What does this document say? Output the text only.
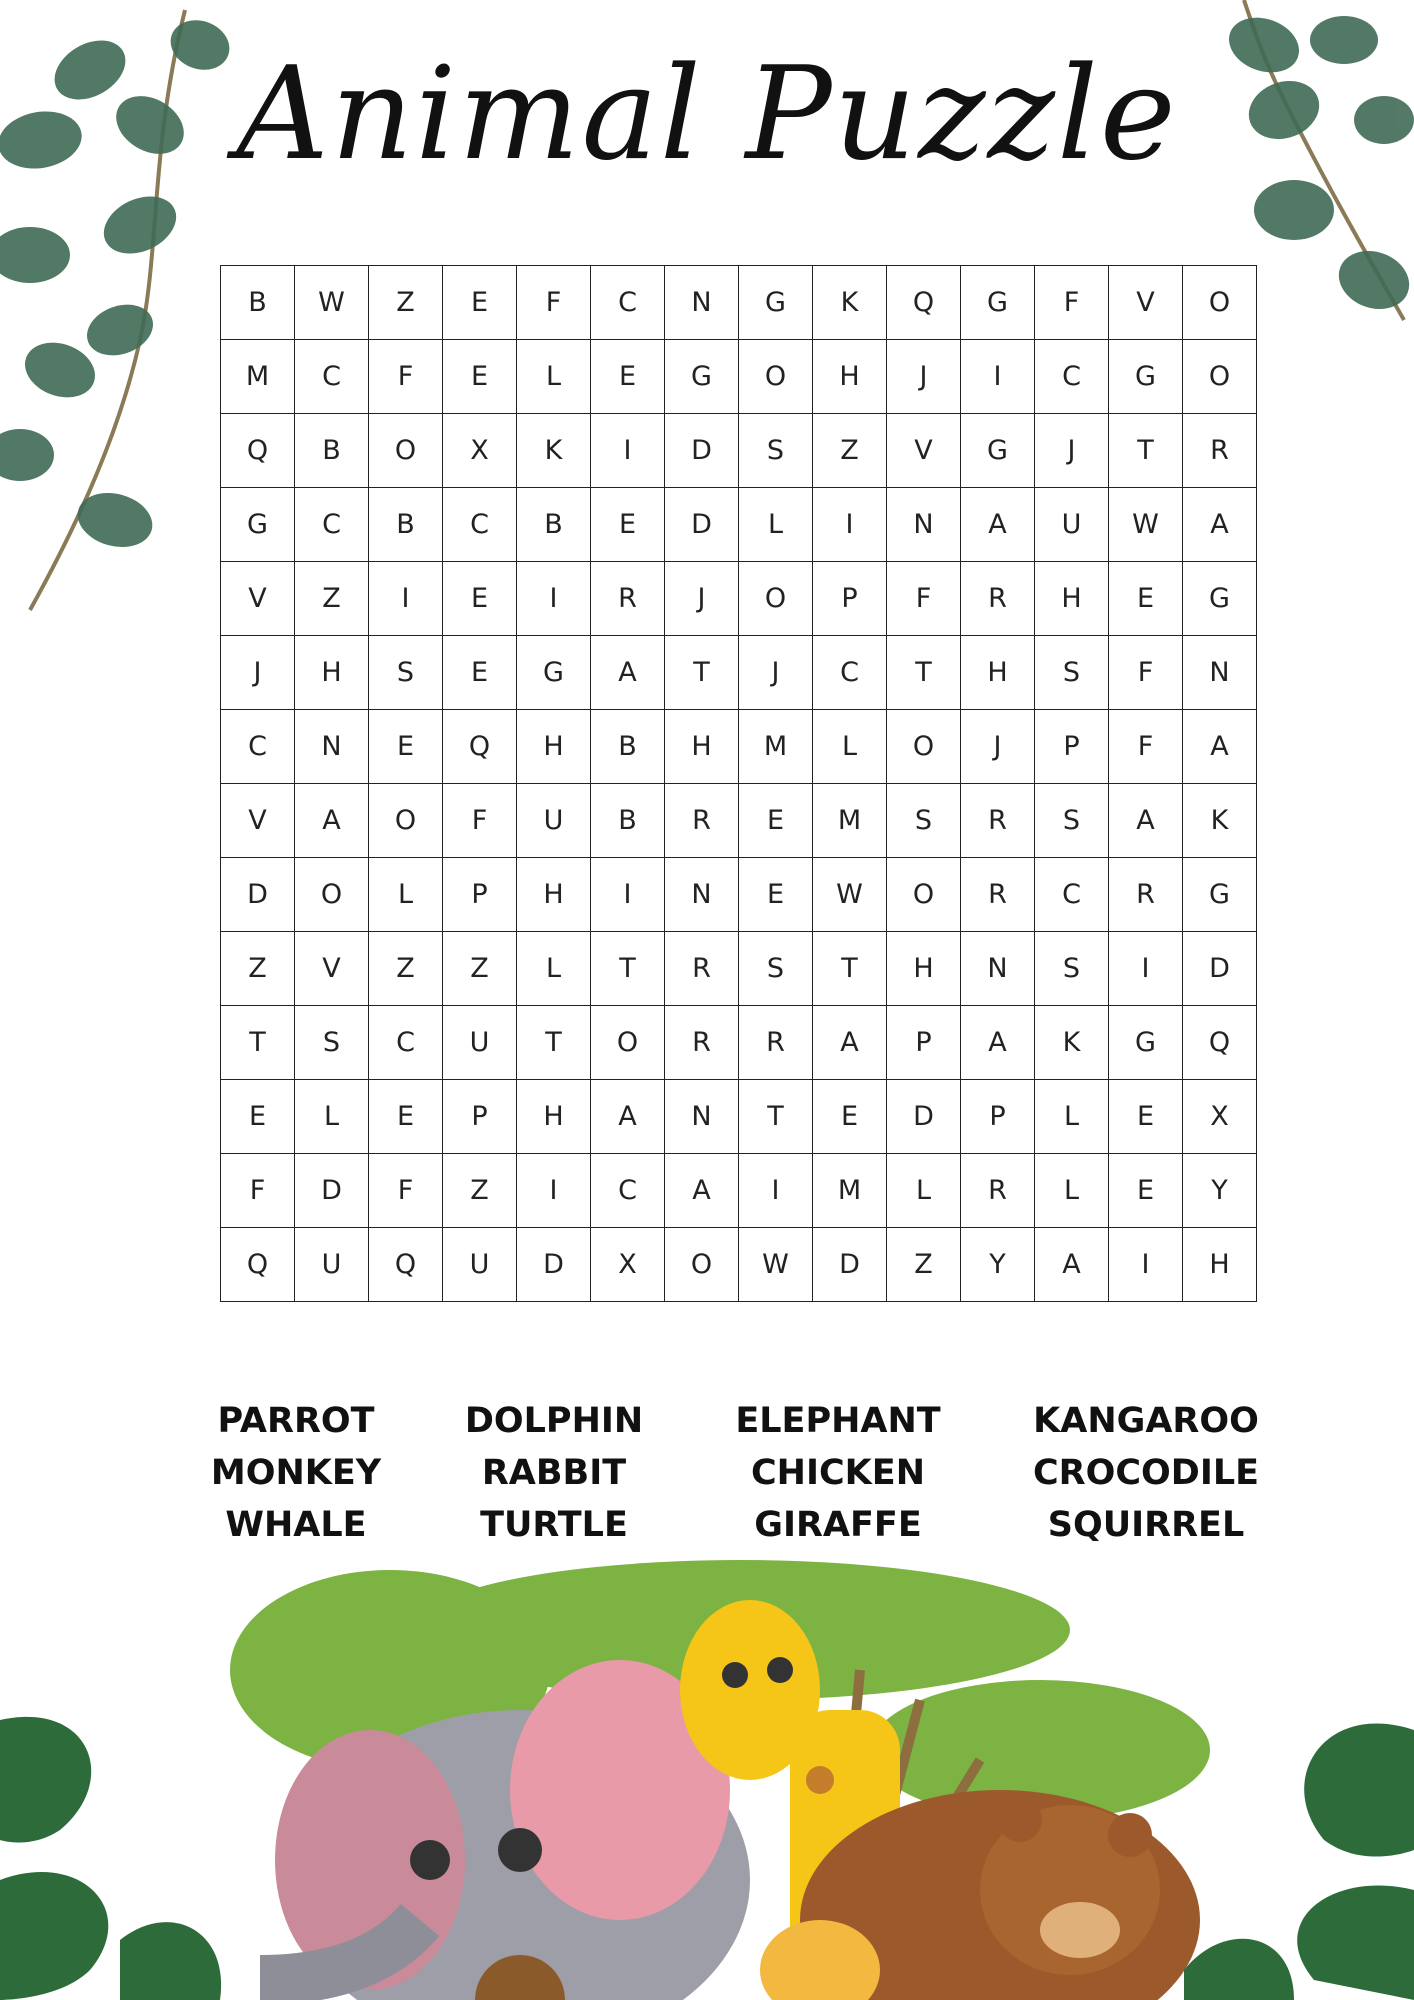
Animal Puzzle
B	W	Z	E	F	C	N	G	K	Q	G	F	V	O
M	C	F	E	L	E	G	O	H	J	I	C	G	O
Q	B	O	X	K	I	D	S	Z	V	G	J	T	R
G	C	B	C	B	E	D	L	I	N	A	U	W	A
V	Z	I	E	I	R	J	O	P	F	R	H	E	G
J	H	S	E	G	A	T	J	C	T	H	S	F	N
C	N	E	Q	H	B	H	M	L	O	J	P	F	A
V	A	O	F	U	B	R	E	M	S	R	S	A	K
D	O	L	P	H	I	N	E	W	O	R	C	R	G
Z	V	Z	Z	L	T	R	S	T	H	N	S	I	D
T	S	C	U	T	O	R	R	A	P	A	K	G	Q
E	L	E	P	H	A	N	T	E	D	P	L	E	X
F	D	F	Z	I	C	A	I	M	L	R	L	E	Y
Q	U	Q	U	D	X	O	W	D	Z	Y	A	I	H
PARROT
MONKEY
WHALE
DOLPHIN
RABBIT
TURTLE
ELEPHANT
CHICKEN
GIRAFFE
KANGAROO
CROCODILE
SQUIRREL
